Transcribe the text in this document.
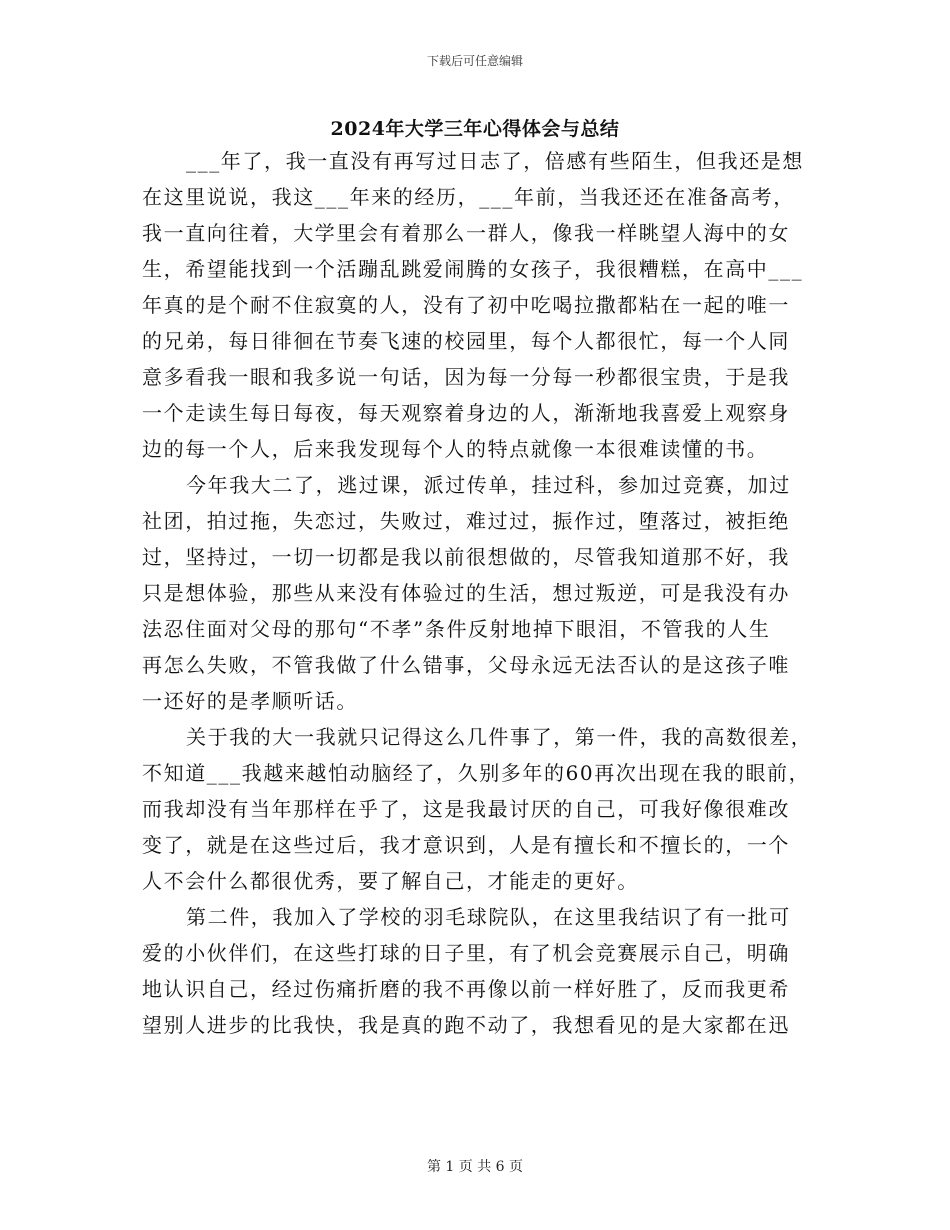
下载后可任意编辑
2024年大学三年心得体会与总结
___年了，我一直没有再写过日志了，倍感有些陌生，但我还是想
在这里说说，我这___年来的经历，___年前，当我还还在准备高考，
我一直向往着，大学里会有着那么一群人，像我一样眺望人海中的女
生，希望能找到一个活蹦乱跳爱闹腾的女孩子，我很糟糕，在高中___
年真的是个耐不住寂寞的人，没有了初中吃喝拉撒都粘在一起的唯一
的兄弟，每日徘徊在节奏飞速的校园里，每个人都很忙，每一个人同
意多看我一眼和我多说一句话，因为每一分每一秒都很宝贵，于是我
一个走读生每日每夜，每天观察着身边的人，渐渐地我喜爱上观察身
边的每一个人，后来我发现每个人的特点就像一本很难读懂的书。
今年我大二了，逃过课，派过传单，挂过科，参加过竞赛，加过
社团，拍过拖，失恋过，失败过，难过过，振作过，堕落过，被拒绝
过，坚持过，一切一切都是我以前很想做的，尽管我知道那不好，我
只是想体验，那些从来没有体验过的生活，想过叛逆，可是我没有办
法忍住面对父母的那句“不孝”条件反射地掉下眼泪，不管我的人生
再怎么失败，不管我做了什么错事，父母永远无法否认的是这孩子唯
一还好的是孝顺听话。
关于我的大一我就只记得这么几件事了，第一件，我的高数很差，
不知道___我越来越怕动脑经了，久别多年的60再次出现在我的眼前，
而我却没有当年那样在乎了，这是我最讨厌的自己，可我好像很难改
变了，就是在这些过后，我才意识到，人是有擅长和不擅长的，一个
人不会什么都很优秀，要了解自己，才能走的更好。
第二件，我加入了学校的羽毛球院队，在这里我结识了有一批可
爱的小伙伴们，在这些打球的日子里，有了机会竞赛展示自己，明确
地认识自己，经过伤痛折磨的我不再像以前一样好胜了，反而我更希
望别人进步的比我快，我是真的跑不动了，我想看见的是大家都在迅
第 1 页 共 6 页
